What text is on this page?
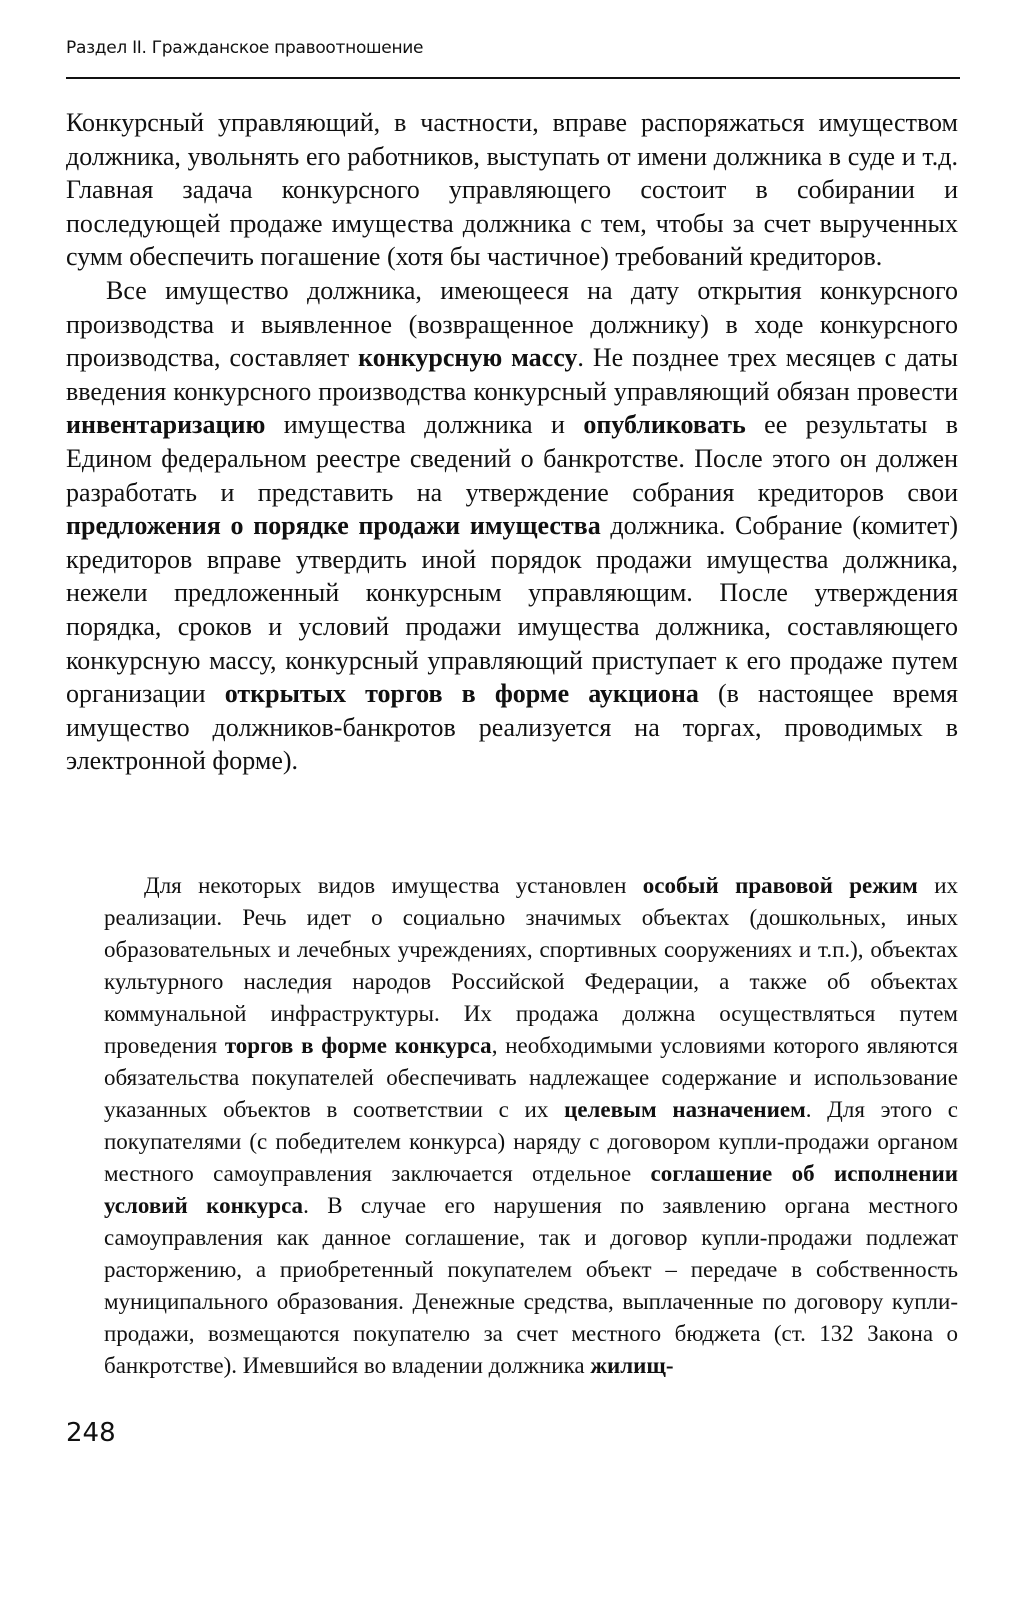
Раздел II. Гражданское правоотношение

Конкурсный управляющий, в частности, вправе распоряжаться имуществом должника, увольнять его работников, выступать от имени должника в суде и т.д. Главная задача конкурсного управляющего состоит в собирании и последующей продаже имущества должника с тем, чтобы за счет вырученных сумм обеспечить погашение (хотя бы частичное) требований кредиторов.

Все имущество должника, имеющееся на дату открытия конкурсного производства и выявленное (возвращенное должнику) в ходе конкурсного производства, составляет конкурсную массу. Не позднее трех месяцев с даты введения конкурсного производства конкурсный управляющий обязан провести инвентаризацию имущества должника и опубликовать ее результаты в Едином федеральном реестре сведений о банкротстве. После этого он должен разработать и представить на утверждение собрания кредиторов свои предложения о порядке продажи имущества должника. Собрание (комитет) кредиторов вправе утвердить иной порядок продажи имущества должника, нежели предложенный конкурсным управляющим. После утверждения порядка, сроков и условий продажи имущества должника, составляющего конкурсную массу, конкурсный управляющий приступает к его продаже путем организации открытых торгов в форме аукциона (в настоящее время имущество должников-банкротов реализуется на торгах, проводимых в электронной форме).

Для некоторых видов имущества установлен особый правовой режим их реализации. Речь идет о социально значимых объектах (дошкольных, иных образовательных и лечебных учреждениях, спортивных сооружениях и т.п.), объектах культурного наследия народов Российской Федерации, а также об объектах коммунальной инфраструктуры. Их продажа должна осуществляться путем проведения торгов в форме конкурса, необходимыми условиями которого являются обязательства покупателей обеспечивать надлежащее содержание и использование указанных объектов в соответствии с их целевым назначением. Для этого с покупателями (с победителем конкурса) наряду с договором купли-продажи органом местного самоуправления заключается отдельное соглашение об исполнении условий конкурса. В случае его нарушения по заявлению органа местного самоуправления как данное соглашение, так и договор купли-продажи подлежат расторжению, а приобретенный покупателем объект – передаче в собственность муниципального образования. Денежные средства, выплаченные по договору купли-продажи, возмещаются покупателю за счет местного бюджета (ст. 132 Закона о банкротстве). Имевшийся во владении должника жилищ-

248
